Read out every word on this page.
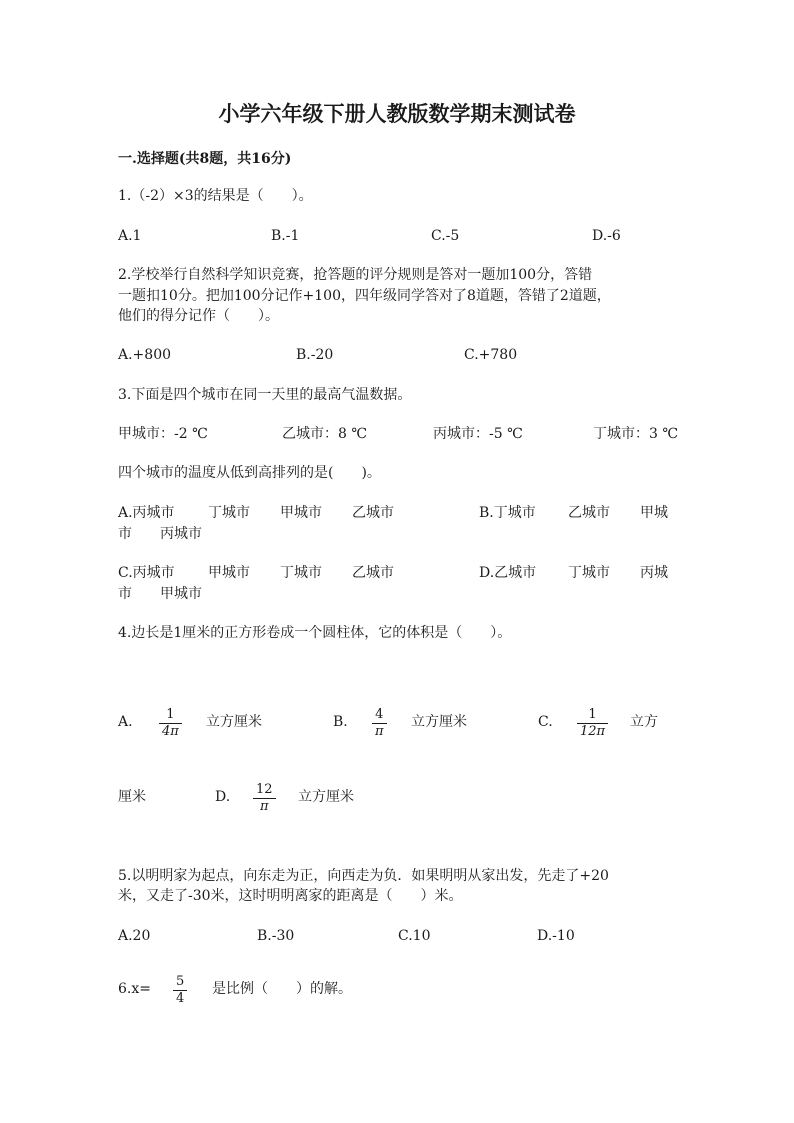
小学六年级下册人教版数学期末测试卷
一.选择题(共8题，共16分)
1.（-2）×3的结果是（　　）。
A.1	B.-1	C.-5	D.-6
2.学校举行自然科学知识竞赛，抢答题的评分规则是答对一题加100分，答错
一题扣10分。把加100分记作+100，四年级同学答对了8道题，答错了2道题，
他们的得分记作（　　）。
A.+800	B.-20	C.+780
3.下面是四个城市在同一天里的最高气温数据。
甲城市：-2 ℃	乙城市：8 ℃	丙城市：-5 ℃	丁城市：3 ℃
四个城市的温度从低到高排列的是(　　)。
A.丙城市 丁城市 甲城市 乙城市	B.丁城市 乙城市 甲城
市 丙城市
C.丙城市 甲城市 丁城市 乙城市	D.乙城市 丁城市 丙城
市 甲城市
4.边长是1厘米的正方形卷成一个圆柱体，它的体积是（　　）。
A.	1
4π
立方厘米	B. 4
π
立方厘米	C.	1
12π
立方
厘米	D. 12
π
立方厘米
5.以明明家为起点，向东走为正，向西走为负．如果明明从家出发，先走了+20
米，又走了-30米，这时明明离家的距离是（　　）米。
A.20	B.-30	C.10	D.-10
6.x= 5
4
是比例（　　）的解。
